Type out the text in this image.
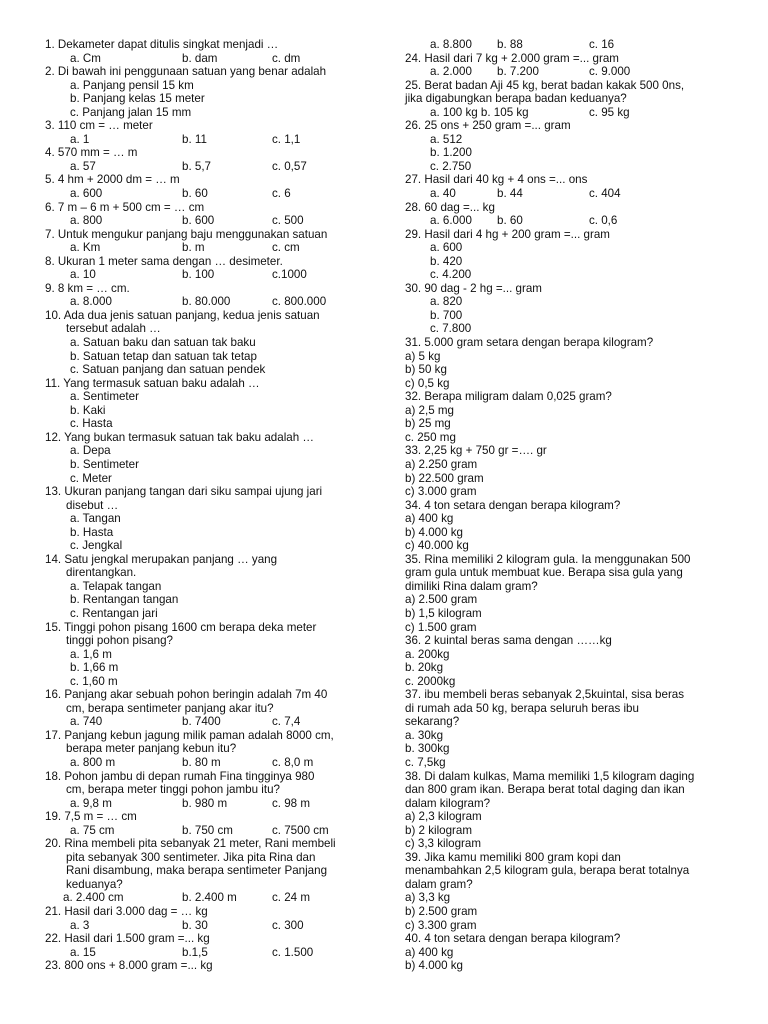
1. Dekameter dapat ditulis singkat menjadi …
a. Cm	b. dam	c. dm
2. Di bawah ini penggunaan satuan yang benar adalah
a. Panjang pensil 15 km
b. Panjang kelas 15 meter
c. Panjang jalan 15 mm
3. 110 cm = … meter
a. 1	b. 11	c. 1,1
4. 570 mm = … m
a. 57	b. 5,7	c. 0,57
5. 4 hm + 2000 dm = … m
a. 600	b. 60	c. 6
6. 7 m – 6 m + 500 cm = … cm
a. 800	b. 600	c. 500
7. Untuk mengukur panjang baju menggunakan satuan
a. Km	b. m	c. cm
8. Ukuran 1 meter sama dengan … desimeter.
a. 10	b. 100	c.1000
9. 8 km = … cm.
a. 8.000	b. 80.000	c. 800.000
10. Ada dua jenis satuan panjang, kedua jenis satuan
tersebut adalah …
a. Satuan baku dan satuan tak baku
b. Satuan tetap dan satuan tak tetap
c. Satuan panjang dan satuan pendek
11. Yang termasuk satuan baku adalah …
a. Sentimeter
b. Kaki
c. Hasta
12. Yang bukan termasuk satuan tak baku adalah …
a. Depa
b. Sentimeter
c. Meter
13. Ukuran panjang tangan dari siku sampai ujung jari
disebut …
a. Tangan
b. Hasta
c. Jengkal
14. Satu jengkal merupakan panjang … yang
direntangkan.
a. Telapak tangan
b. Rentangan tangan
c. Rentangan jari
15. Tinggi pohon pisang 1600 cm berapa deka meter
tinggi pohon pisang?
a. 1,6 m
b. 1,66 m
c. 1,60 m
16. Panjang akar sebuah pohon beringin adalah 7m 40
cm, berapa sentimeter panjang akar itu?
a. 740	b. 7400	c. 7,4
17. Panjang kebun jagung milik paman adalah 8000 cm,
berapa meter panjang kebun itu?
a. 800 m	b. 80 m	c. 8,0 m
18. Pohon jambu di depan rumah Fina tingginya 980
cm, berapa meter tinggi pohon jambu itu?
a. 9,8 m	b. 980 m	c. 98 m
19. 7,5 m = … cm
a. 75 cm	b. 750 cm	c. 7500 cm
20. Rina membeli pita sebanyak 21 meter, Rani membeli
pita sebanyak 300 sentimeter. Jika pita Rina dan
Rani disambung, maka berapa sentimeter Panjang
keduanya?
a. 2.400 cm	b. 2.400 m	c. 24 m
21. Hasil dari 3.000 dag = … kg
a. 3	b. 30	c. 300
22. Hasil dari 1.500 gram =... kg
a. 15	b.1,5	c. 1.500
23. 800 ons + 8.000 gram =... kg
a. 8.800 b. 88	c. 16
24. Hasil dari 7 kg + 2.000 gram =... gram
a. 2.000 b. 7.200	c. 9.000
25. Berat badan Aji 45 kg, berat badan kakak 500 0ns,
jika digabungkan berapa badan keduanya?
a. 100 kg b. 105 kg	c. 95 kg
26. 25 ons + 250 gram =... gram
a. 512
b. 1.200
c. 2.750
27. Hasil dari 40 kg + 4 ons =... ons
a. 40	b. 44	c. 404
28. 60 dag =... kg
a. 6.000 b. 60	c. 0,6
29. Hasil dari 4 hg + 200 gram =... gram
a. 600
b. 420
c. 4.200
30. 90 dag - 2 hg =... gram
a. 820
b. 700
c. 7.800
31. 5.000 gram setara dengan berapa kilogram?
a) 5 kg
b) 50 kg
c) 0,5 kg
32. Berapa miligram dalam 0,025 gram?
a) 2,5 mg
b) 25 mg
c. 250 mg
33. 2,25 kg + 750 gr =…. gr
a) 2.250 gram
b) 22.500 gram
c) 3.000 gram
34. 4 ton setara dengan berapa kilogram?
a) 400 kg
b) 4.000 kg
c) 40.000 kg
35. Rina memiliki 2 kilogram gula. Ia menggunakan 500
gram gula untuk membuat kue. Berapa sisa gula yang
dimiliki Rina dalam gram?
a) 2.500 gram
b) 1,5 kilogram
c) 1.500 gram
36. 2 kuintal beras sama dengan ……kg
a. 200kg
b. 20kg
c. 2000kg
37. ibu membeli beras sebanyak 2,5kuintal, sisa beras
di rumah ada 50 kg, berapa seluruh beras ibu
sekarang?
a. 30kg
b. 300kg
c. 7,5kg
38. Di dalam kulkas, Mama memiliki 1,5 kilogram daging
dan 800 gram ikan. Berapa berat total daging dan ikan
dalam kilogram?
a) 2,3 kilogram
b) 2 kilogram
c) 3,3 kilogram
39. Jika kamu memiliki 800 gram kopi dan
menambahkan 2,5 kilogram gula, berapa berat totalnya
dalam gram?
a) 3,3 kg
b) 2.500 gram
c) 3.300 gram
40. 4 ton setara dengan berapa kilogram?
a) 400 kg
b) 4.000 kg
